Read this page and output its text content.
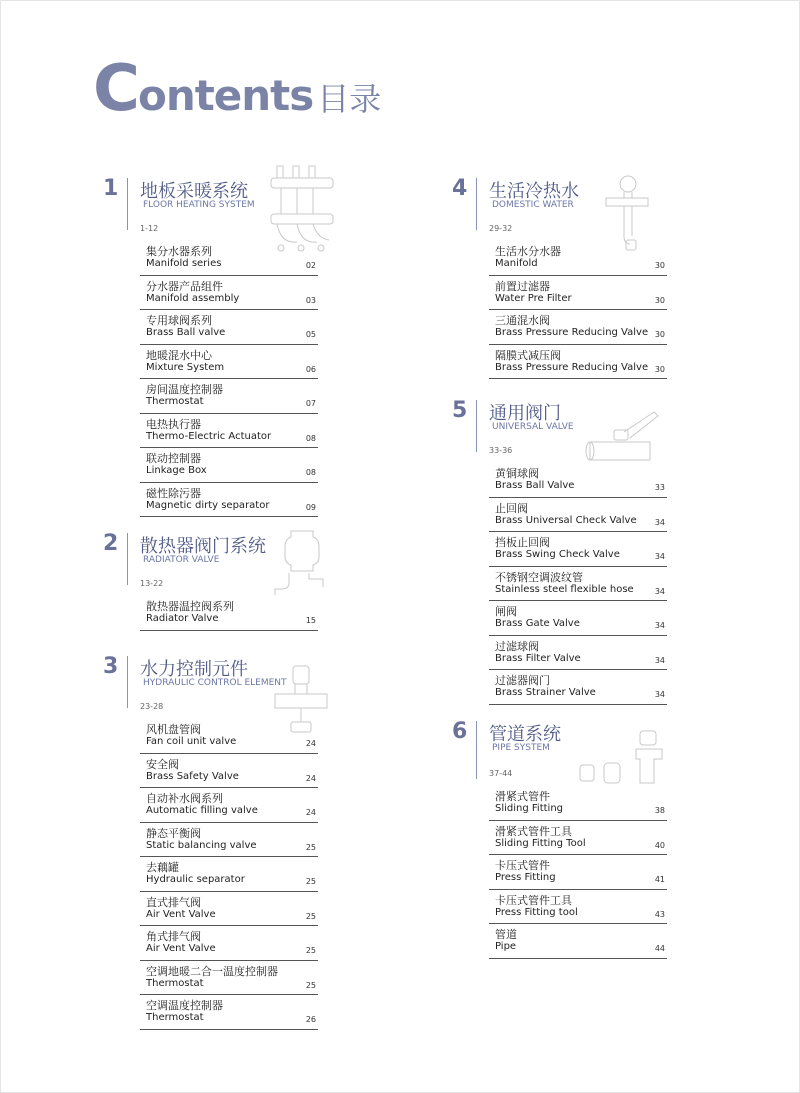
Contents 目录
1 地板采暖系统
FLOOR HEATING SYSTEM
1-12
集分水器系列
Manifold series	02
分水器产品组件
Manifold assembly	03
专用球阀系列
Brass Ball valve	05
地暖混水中心
Mixture System	06
房间温度控制器
Thermostat	07
电热执行器
Thermo-Electric Actuator	08
联动控制器
Linkage Box	08
磁性除污器
Magnetic dirty separator	09
2 散热器阀门系统
RADIATOR VALVE
13-22
散热器温控阀系列
Radiator Valve	15
3 水力控制元件
HYDRAULIC CONTROL ELEMENT
23-28
风机盘管阀
Fan coil unit valve	24
安全阀
Brass Safety Valve	24
自动补水阀系列
Automatic filling valve	24
静态平衡阀
Static balancing valve	25
去藕罐
Hydraulic separator	25
直式排气阀
Air Vent Valve	25
角式排气阀
Air Vent Valve	25
空调地暖二合一温度控制器
Thermostat	25
空调温度控制器
Thermostat	26
4 生活冷热水
DOMESTIC WATER
29-32
生活水分水器
Manifold	30
前置过滤器
Water Pre Filter	30
三通混水阀
Brass Pressure Reducing Valve 30
隔膜式减压阀
Brass Pressure Reducing Valve 30
5 通用阀门
UNIVERSAL VALVE
33-36
黄铜球阀
Brass Ball Valve	33
止回阀
Brass Universal Check Valve 34
挡板止回阀
Brass Swing Check Valve	34
不锈钢空调波纹管
Stainless steel flexible hose	34
闸阀
Brass Gate Valve	34
过滤球阀
Brass Filter Valve	34
过滤器阀门
Brass Strainer Valve	34
6 管道系统
PIPE SYSTEM
37-44
滑紧式管件
Sliding Fitting	38
滑紧式管件工具
Sliding Fitting Tool	40
卡压式管件
Press Fitting	41
卡压式管件工具
Press Fitting tool	43
管道
Pipe	44
